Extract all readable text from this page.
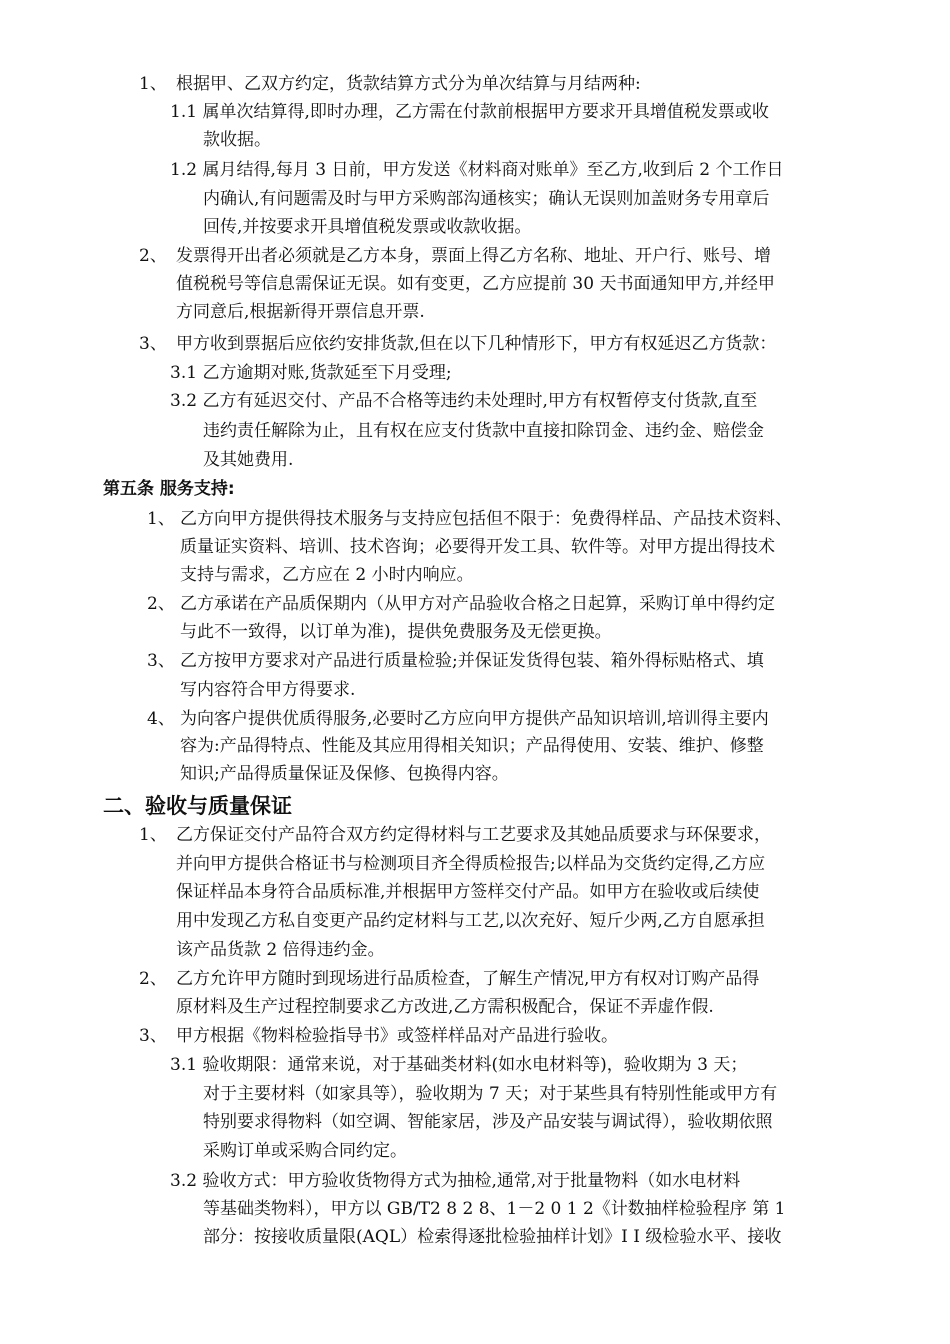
1、 根据甲、乙双方约定，货款结算方式分为单次结算与月结两种:
1.1 属单次结算得,即时办理，乙方需在付款前根据甲方要求开具增值税发票或收
款收据。
1.2 属月结得,每月 3 日前，甲方发送《材料商对账单》至乙方,收到后 2 个工作日
内确认,有问题需及时与甲方采购部沟通核实；确认无误则加盖财务专用章后
回传,并按要求开具增值税发票或收款收据。
2、 发票得开出者必须就是乙方本身，票面上得乙方名称、地址、开户行、账号、增
值税税号等信息需保证无误。如有变更，乙方应提前 30 天书面通知甲方,并经甲
方同意后,根据新得开票信息开票.
3、 甲方收到票据后应依约安排货款,但在以下几种情形下，甲方有权延迟乙方货款：
3.1 乙方逾期对账,货款延至下月受理;
3.2 乙方有延迟交付、产品不合格等违约未处理时,甲方有权暂停支付货款,直至
违约责任解除为止，且有权在应支付货款中直接扣除罚金、违约金、赔偿金
及其她费用.
第五条 服务支持:
1、 乙方向甲方提供得技术服务与支持应包括但不限于：免费得样品、产品技术资料、
质量证实资料、培训、技术咨询；必要得开发工具、软件等。对甲方提出得技术
支持与需求，乙方应在 2 小时内响应。
2、 乙方承诺在产品质保期内（从甲方对产品验收合格之日起算，采购订单中得约定
与此不一致得，以订单为准)，提供免费服务及无偿更换。
3、 乙方按甲方要求对产品进行质量检验;并保证发货得包装、箱外得标贴格式、填
写内容符合甲方得要求.
4、 为向客户提供优质得服务,必要时乙方应向甲方提供产品知识培训,培训得主要内
容为:产品得特点、性能及其应用得相关知识；产品得使用、安装、维护、修整
知识;产品得质量保证及保修、包换得内容。
二、验收与质量保证
1、 乙方保证交付产品符合双方约定得材料与工艺要求及其她品质要求与环保要求，
并向甲方提供合格证书与检测项目齐全得质检报告;以样品为交货约定得,乙方应
保证样品本身符合品质标准,并根据甲方签样交付产品。如甲方在验收或后续使
用中发现乙方私自变更产品约定材料与工艺,以次充好、短斤少两,乙方自愿承担
该产品货款 2 倍得违约金。
2、 乙方允许甲方随时到现场进行品质检查，了解生产情况,甲方有权对订购产品得
原材料及生产过程控制要求乙方改进,乙方需积极配合，保证不弄虚作假.
3、 甲方根据《物料检验指导书》或签样样品对产品进行验收。
3.1 验收期限：通常来说，对于基础类材料(如水电材料等)，验收期为 3 天；
对于主要材料（如家具等），验收期为 7 天；对于某些具有特别性能或甲方有
特别要求得物料（如空调、智能家居，涉及产品安装与调试得），验收期依照
采购订单或采购合同约定。
3.2 验收方式：甲方验收货物得方式为抽检,通常,对于批量物料（如水电材料
等基础类物料），甲方以 GB/T2 8 2 8、1－2 0 1 2《计数抽样检验程序 第 1
部分：按接收质量限(AQL）检索得逐批检验抽样计划》I I 级检验水平、接收
